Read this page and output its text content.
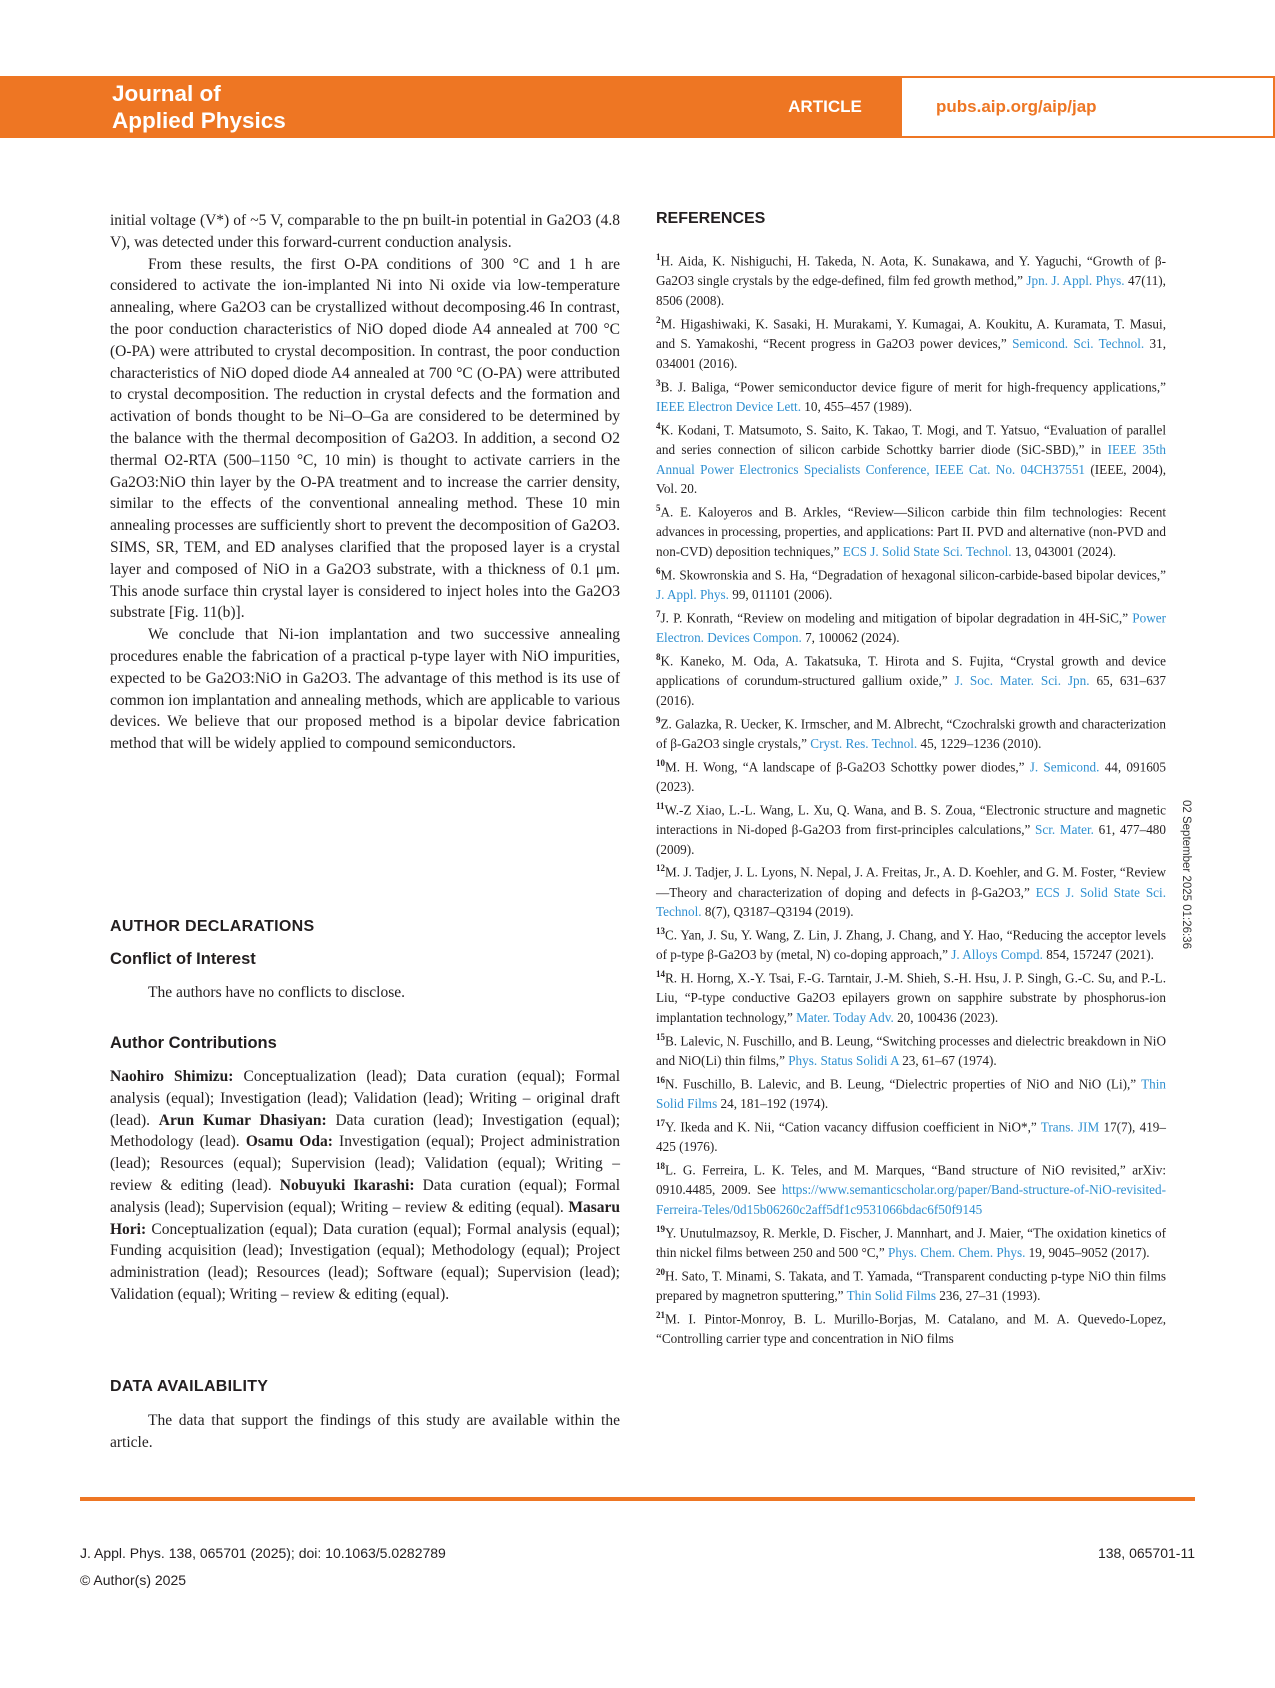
Journal of
Applied Physics
ARTICLE	pubs.aip.org/aip/jap

initial voltage (V*) of ~5 V, comparable to the pn built-in potential in Ga2O3 (4.8 V), was detected under this forward-current conduction analysis.

From these results, the first O-PA conditions of 300 °C and 1 h are considered to activate the ion-implanted Ni into Ni oxide via low-temperature annealing, where Ga2O3 can be crystallized without decomposing.46 In contrast, the poor conduction characteristics of NiO doped diode A4 annealed at 700 °C (O-PA) were attributed to crystal decomposition. In contrast, the poor conduction characteristics of NiO doped diode A4 annealed at 700 °C (O-PA) were attributed to crystal decomposition. The reduction in crystal defects and the formation and activation of bonds thought to be Ni–O–Ga are considered to be determined by the balance with the thermal decomposition of Ga2O3. In addition, a second O2 thermal O2-RTA (500–1150 °C, 10 min) is thought to activate carriers in the Ga2O3:NiO thin layer by the O-PA treatment and to increase the carrier density, similar to the effects of the conventional annealing method. These 10 min annealing processes are sufficiently short to prevent the decomposition of Ga2O3. SIMS, SR, TEM, and ED analyses clarified that the proposed layer is a crystal layer and composed of NiO in a Ga2O3 substrate, with a thickness of 0.1 μm. This anode surface thin crystal layer is considered to inject holes into the Ga2O3 substrate [Fig. 11(b)].

We conclude that Ni-ion implantation and two successive annealing procedures enable the fabrication of a practical p-type layer with NiO impurities, expected to be Ga2O3:NiO in Ga2O3. The advantage of this method is its use of common ion implantation and annealing methods, which are applicable to various devices. We believe that our proposed method is a bipolar device fabrication method that will be widely applied to compound semiconductors.

AUTHOR DECLARATIONS
Conflict of Interest

The authors have no conflicts to disclose.

Author Contributions

Naohiro Shimizu: Conceptualization (lead); Data curation (equal); Formal analysis (equal); Investigation (lead); Validation (lead); Writing – original draft (lead). Arun Kumar Dhasiyan: Data curation (lead); Investigation (equal); Methodology (lead). Osamu Oda: Investigation (equal); Project administration (lead); Resources (equal); Supervision (lead); Validation (equal); Writing – review & editing (lead). Nobuyuki Ikarashi: Data curation (equal); Formal analysis (lead); Supervision (equal); Writing – review & editing (equal). Masaru Hori: Conceptualization (equal); Data curation (equal); Formal analysis (equal); Funding acquisition (lead); Investigation (equal); Methodology (equal); Project administration (lead); Resources (lead); Software (equal); Supervision (lead); Validation (equal); Writing – review & editing (equal).

DATA AVAILABILITY

The data that support the findings of this study are available within the article.

REFERENCES

$^1$H. Aida, K. Nishiguchi, H. Takeda, N. Aota, K. Sunakawa, and Y. Yaguchi, “Growth of β-Ga2O3 single crystals by the edge-defined, film fed growth method,” Jpn. J. Appl. Phys. 47(11), 8506 (2008).

$^2$M. Higashiwaki, K. Sasaki, H. Murakami, Y. Kumagai, A. Koukitu, A. Kuramata, T. Masui, and S. Yamakoshi, “Recent progress in Ga2O3 power devices,” Semicond. Sci. Technol. 31, 034001 (2016).

$^3$B. J. Baliga, “Power semiconductor device figure of merit for high-frequency applications,” IEEE Electron Device Lett. 10, 455–457 (1989).

$^4$K. Kodani, T. Matsumoto, S. Saito, K. Takao, T. Mogi, and T. Yatsuo, “Evaluation of parallel and series connection of silicon carbide Schottky barrier diode (SiC-SBD),” in IEEE 35th Annual Power Electronics Specialists Conference, IEEE Cat. No. 04CH37551 (IEEE, 2004), Vol. 20.

$^5$A. E. Kaloyeros and B. Arkles, “Review—Silicon carbide thin film technologies: Recent advances in processing, properties, and applications: Part II. PVD and alternative (non-PVD and non-CVD) deposition techniques,” ECS J. Solid State Sci. Technol. 13, 043001 (2024).

$^6$M. Skowronskia and S. Ha, “Degradation of hexagonal silicon-carbide-based bipolar devices,” J. Appl. Phys. 99, 011101 (2006).

$^7$J. P. Konrath, “Review on modeling and mitigation of bipolar degradation in 4H-SiC,” Power Electron. Devices Compon. 7, 100062 (2024).

$^8$K. Kaneko, M. Oda, A. Takatsuka, T. Hirota and S. Fujita, “Crystal growth and device applications of corundum-structured gallium oxide,” J. Soc. Mater. Sci. Jpn. 65, 631–637 (2016).

$^9$Z. Galazka, R. Uecker, K. Irmscher, and M. Albrecht, “Czochralski growth and characterization of β-Ga2O3 single crystals,” Cryst. Res. Technol. 45, 1229–1236 (2010).

$^{10}$M. H. Wong, “A landscape of β-Ga2O3 Schottky power diodes,” J. Semicond. 44, 091605 (2023).

$^{11}$W.-Z Xiao, L.-L. Wang, L. Xu, Q. Wana, and B. S. Zoua, “Electronic structure and magnetic interactions in Ni-doped β-Ga2O3 from first-principles calculations,” Scr. Mater. 61, 477–480 (2009).

$^{12}$M. J. Tadjer, J. L. Lyons, N. Nepal, J. A. Freitas, Jr., A. D. Koehler, and G. M. Foster, “Review—Theory and characterization of doping and defects in β-Ga2O3,” ECS J. Solid State Sci. Technol. 8(7), Q3187–Q3194 (2019).

$^{13}$C. Yan, J. Su, Y. Wang, Z. Lin, J. Zhang, J. Chang, and Y. Hao, “Reducing the acceptor levels of p-type β-Ga2O3 by (metal, N) co-doping approach,” J. Alloys Compd. 854, 157247 (2021).

$^{14}$R. H. Horng, X.-Y. Tsai, F.-G. Tarntair, J.-M. Shieh, S.-H. Hsu, J. P. Singh, G.-C. Su, and P.-L. Liu, “P-type conductive Ga2O3 epilayers grown on sapphire substrate by phosphorus-ion implantation technology,” Mater. Today Adv. 20, 100436 (2023).

$^{15}$B. Lalevic, N. Fuschillo, and B. Leung, “Switching processes and dielectric breakdown in NiO and NiO(Li) thin films,” Phys. Status Solidi A 23, 61–67 (1974).

$^{16}$N. Fuschillo, B. Lalevic, and B. Leung, “Dielectric properties of NiO and NiO (Li),” Thin Solid Films 24, 181–192 (1974).

$^{17}$Y. Ikeda and K. Nii, “Cation vacancy diffusion coefficient in NiO*,” Trans. JIM 17(7), 419–425 (1976).

$^{18}$L. G. Ferreira, L. K. Teles, and M. Marques, “Band structure of NiO revisited,” arXiv: 0910.4485, 2009. See https://www.semanticscholar.org/paper/Band-structure-of-NiO-revisited-Ferreira-Teles/0d15b06260c2aff5df1c9531066bdac6f50f9145

$^{19}$Y. Unutulmazsoy, R. Merkle, D. Fischer, J. Mannhart, and J. Maier, “The oxidation kinetics of thin nickel films between 250 and 500 °C,” Phys. Chem. Chem. Phys. 19, 9045–9052 (2017).

$^{20}$H. Sato, T. Minami, S. Takata, and T. Yamada, “Transparent conducting p-type NiO thin films prepared by magnetron sputtering,” Thin Solid Films 236, 27–31 (1993).

$^{21}$M. I. Pintor-Monroy, B. L. Murillo-Borjas, M. Catalano, and M. A. Quevedo-Lopez, “Controlling carrier type and concentration in NiO films

02 September 2025 01:26:36
J. Appl. Phys. 138, 065701 (2025); doi: 10.1063/5.0282789
© Author(s) 2025
138, 065701-11
